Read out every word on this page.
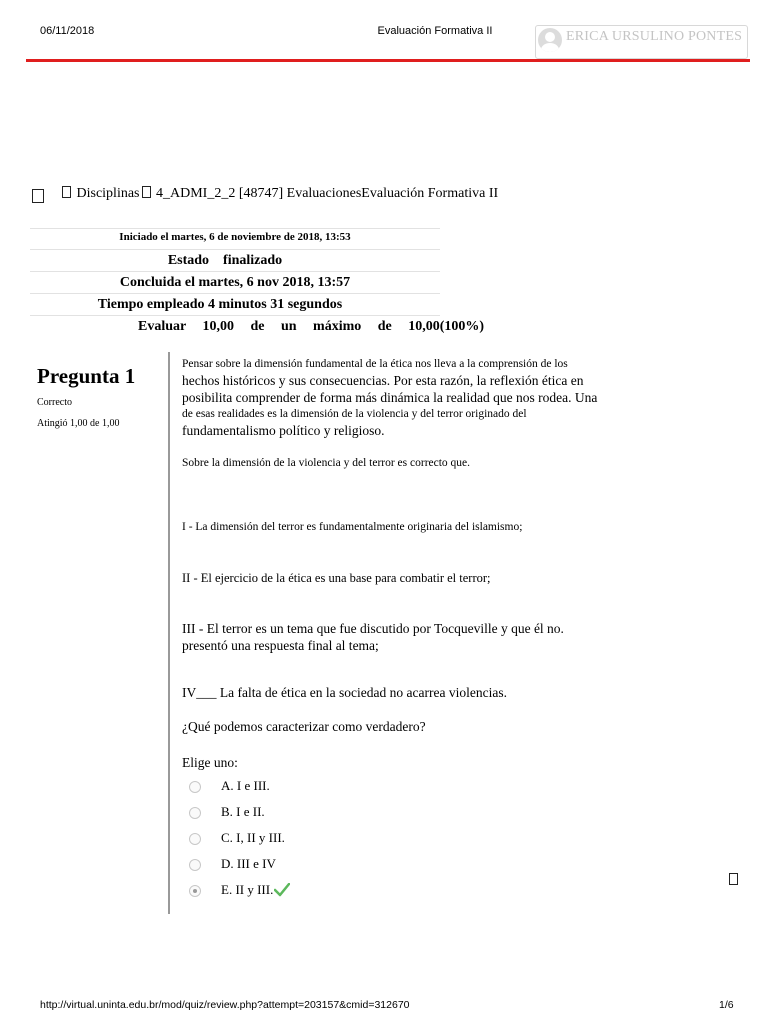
06/11/2018	Evaluación Formativa II	ERICA URSULINO PONTES
Disciplinas 4_ADMI_2_2 [48747] EvaluacionesEvaluación Formativa II
Iniciado el martes, 6 de noviembre de 2018, 13:53
Estado finalizado
Concluida el martes, 6 nov 2018, 13:57
Tiempo empleado 4 minutos 31 segundos
Evaluar 10,00 de un máximo de 10,00(100%)
Pregunta 1
Correcto
Atingió 1,00 de 1,00
Pensar sobre la dimensión fundamental de la ética nos lleva a la comprensión de los
hechos históricos y sus consecuencias. Por esta razón, la reflexión ética en
posibilita comprender de forma más dinámica la realidad que nos rodea. Una
de esas realidades es la dimensión de la violencia y del terror originado del
fundamentalismo político y religioso.
Sobre la dimensión de la violencia y del terror es correcto que.
I - La dimensión del terror es fundamentalmente originaria del islamismo;
II - El ejercicio de la ética es una base para combatir el terror;
III - El terror es un tema que fue discutido por Tocqueville y que él no. presentó una respuesta final al tema;
IV___ La falta de ética en la sociedad no acarrea violencias.
¿Qué podemos caracterizar como verdadero?
Elige uno:
A. I e III.
B. I e II.
C. I, II y III.
D. III e IV
E. II y III.
http://virtual.uninta.edu.br/mod/quiz/review.php?attempt=203157&cmid=312670	1/6
